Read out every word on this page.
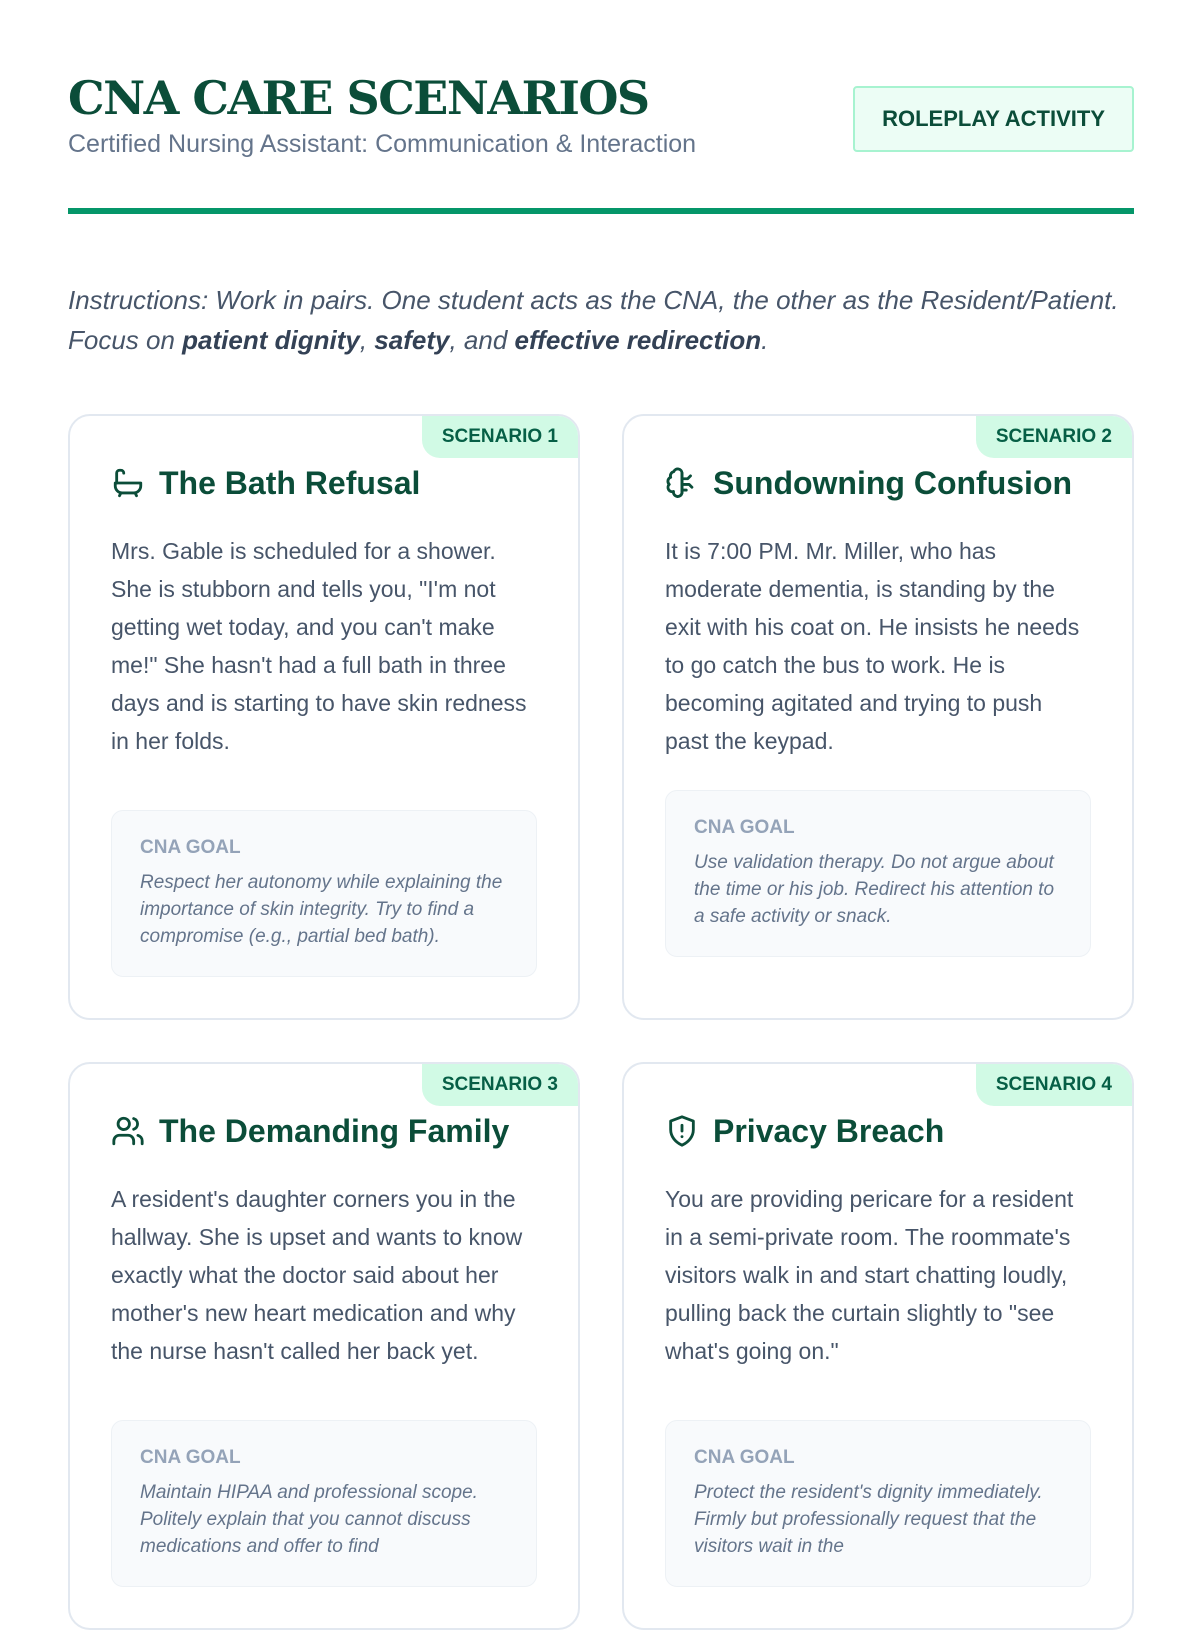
CNA CARE SCENARIOS
Certified Nursing Assistant: Communication & Interaction
ROLEPLAY ACTIVITY

Instructions: Work in pairs. One student acts as the CNA, the other as the Resident/Patient. Focus on patient dignity, safety, and effective redirection.

SCENARIO 1
The Bath Refusal

Mrs. Gable is scheduled for a shower. She is stubborn and tells you, "I'm not getting wet today, and you can't make me!" She hasn't had a full bath in three days and is starting to have skin redness in her folds.

CNA GOAL
Respect her autonomy while explaining the importance of skin integrity. Try to find a compromise (e.g., partial bed bath).
SCENARIO 2
Sundowning Confusion

It is 7:00 PM. Mr. Miller, who has moderate dementia, is standing by the exit with his coat on. He insists he needs to go catch the bus to work. He is becoming agitated and trying to push past the keypad.

CNA GOAL
Use validation therapy. Do not argue about the time or his job. Redirect his attention to a safe activity or snack.
SCENARIO 3
The Demanding Family

A resident's daughter corners you in the hallway. She is upset and wants to know exactly what the doctor said about her mother's new heart medication and why the nurse hasn't called her back yet.

CNA GOAL
Maintain HIPAA and professional scope. Politely explain that you cannot discuss medications and offer to find
SCENARIO 4
Privacy Breach

You are providing pericare for a resident in a semi-private room. The roommate's visitors walk in and start chatting loudly, pulling back the curtain slightly to "see what's going on."

CNA GOAL
Protect the resident's dignity immediately. Firmly but professionally request that the visitors wait in the
